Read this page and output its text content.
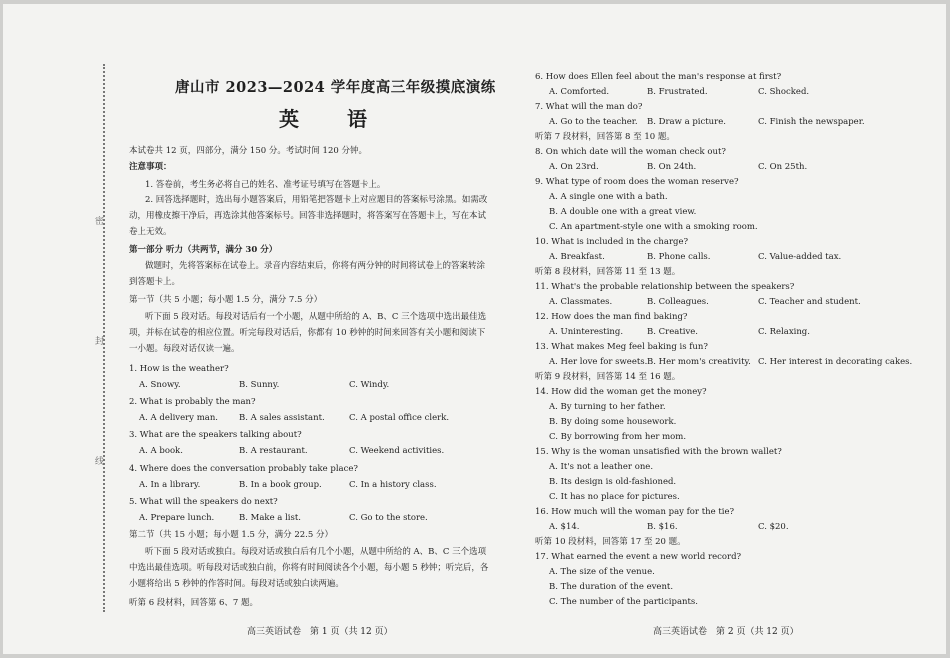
密
封
线
唐山市 2023—2024 学年度高三年级摸底演练
英　语
本试卷共 12 页，四部分，满分 150 分。考试时间 120 分钟。
注意事项：
1. 答卷前，考生务必将自己的姓名、准考证号填写在答题卡上。
2. 回答选择题时，选出每小题答案后，用铅笔把答题卡上对应题目的答案标号涂黑。如需改动，用橡皮擦干净后，再选涂其他答案标号。回答非选择题时，将答案写在答题卡上，写在本试卷上无效。
第一部分 听力（共两节，满分 30 分）
做题时，先将答案标在试卷上。录音内容结束后，你将有两分钟的时间将试卷上的答案转涂到答题卡上。
第一节（共 5 小题；每小题 1.5 分，满分 7.5 分）
听下面 5 段对话。每段对话后有一个小题，从题中所给的 A、B、C 三个选项中选出最佳选项，并标在试卷的相应位置。听完每段对话后，你都有 10 秒钟的时间来回答有关小题和阅读下一小题。每段对话仅读一遍。
1. How is the weather?
A. Snowy.	B. Sunny.	C. Windy.
2. What is probably the man?
A. A delivery man. B. A sales assistant.	C. A postal office clerk.
3. What are the speakers talking about?
A. A book.	B. A restaurant.	C. Weekend activities.
4. Where does the conversation probably take place?
A. In a library.	B. In a book group.	C. In a history class.
5. What will the speakers do next?
A. Prepare lunch.	B. Make a list.	C. Go to the store.
第二节（共 15 小题；每小题 1.5 分，满分 22.5 分）
听下面 5 段对话或独白。每段对话或独白后有几个小题，从题中所给的 A、B、C 三个选项中选出最佳选项。听每段对话或独白前，你将有时间阅读各个小题，每小题 5 秒钟；听完后，各小题将给出 5 秒钟的作答时间。每段对话或独白读两遍。
听第 6 段材料，回答第 6、7 题。
高三英语试卷　第 1 页（共 12 页）
6. How does Ellen feel about the man's response at first?
A. Comforted.	B. Frustrated.	C. Shocked.
7. What will the man do?
A. Go to the teacher. B. Draw a picture.	C. Finish the newspaper.
听第 7 段材料，回答第 8 至 10 题。
8. On which date will the woman check out?
A. On 23rd.	B. On 24th.	C. On 25th.
9. What type of room does the woman reserve?
A. A single one with a bath.
B. A double one with a great view.
C. An apartment-style one with a smoking room.
10. What is included in the charge?
A. Breakfast.	B. Phone calls.	C. Value-added tax.
听第 8 段材料，回答第 11 至 13 题。
11. What's the probable relationship between the speakers?
A. Classmates.	B. Colleagues.	C. Teacher and student.
12. How does the man find baking?
A. Uninteresting.	B. Creative.	C. Relaxing.
13. What makes Meg feel baking is fun?
A. Her love for sweets. B. Her mom's creativity. C. Her interest in decorating cakes.
听第 9 段材料，回答第 14 至 16 题。
14. How did the woman get the money?
A. By turning to her father.
B. By doing some housework.
C. By borrowing from her mom.
15. Why is the woman unsatisfied with the brown wallet?
A. It's not a leather one.
B. Its design is old-fashioned.
C. It has no place for pictures.
16. How much will the woman pay for the tie?
A. $14.	B. $16.	C. $20.
听第 10 段材料，回答第 17 至 20 题。
17. What earned the event a new world record?
A. The size of the venue.
B. The duration of the event.
C. The number of the participants.
高三英语试卷　第 2 页（共 12 页）
